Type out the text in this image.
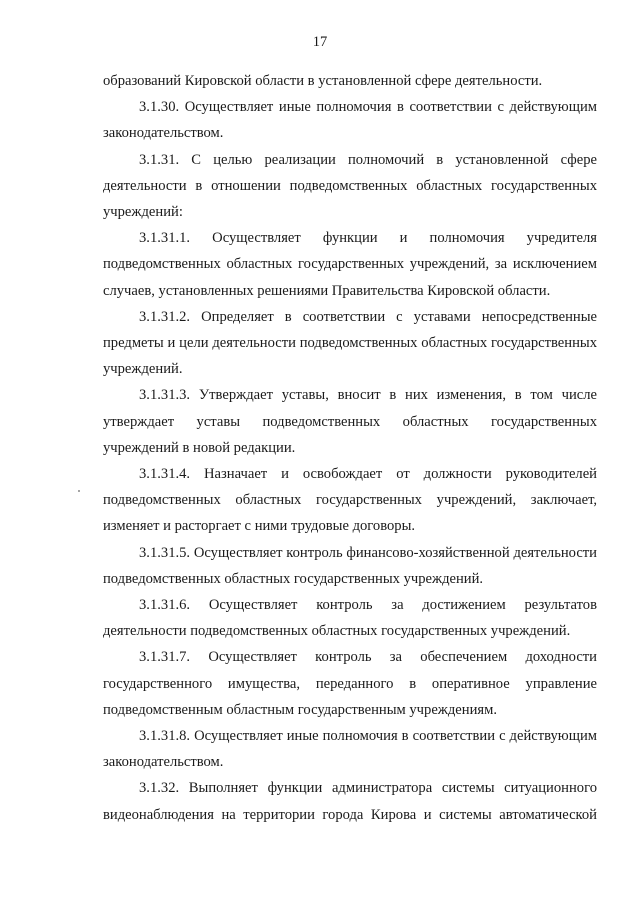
17

образований Кировской области в установленной сфере деятельности.

3.1.30. Осуществляет иные полномочия в соответствии с действующим законодательством.

3.1.31. С целью реализации полномочий в установленной сфере деятельности в отношении подведомственных областных государственных учреждений:

3.1.31.1. Осуществляет функции и полномочия учредителя подведомственных областных государственных учреждений, за исключением случаев, установленных решениями Правительства Кировской области.

3.1.31.2. Определяет в соответствии с уставами непосредственные предметы и цели деятельности подведомственных областных государственных учреждений.

3.1.31.3. Утверждает уставы, вносит в них изменения, в том числе утверждает уставы подведомственных областных государственных учреждений в новой редакции.

3.1.31.4. Назначает и освобождает от должности руководителей подведомственных областных государственных учреждений, заключает, изменяет и расторгает с ними трудовые договоры.

3.1.31.5. Осуществляет контроль финансово-хозяйственной деятельности подведомственных областных государственных учреждений.

3.1.31.6. Осуществляет контроль за достижением результатов деятельности подведомственных областных государственных учреждений.

3.1.31.7. Осуществляет контроль за обеспечением доходности государственного имущества, переданного в оперативное управление подведомственным областным государственным учреждениям.

3.1.31.8. Осуществляет иные полномочия в соответствии с действующим законодательством.

3.1.32. Выполняет функции администратора системы ситуационного видеонаблюдения на территории города Кирова и системы автоматической
